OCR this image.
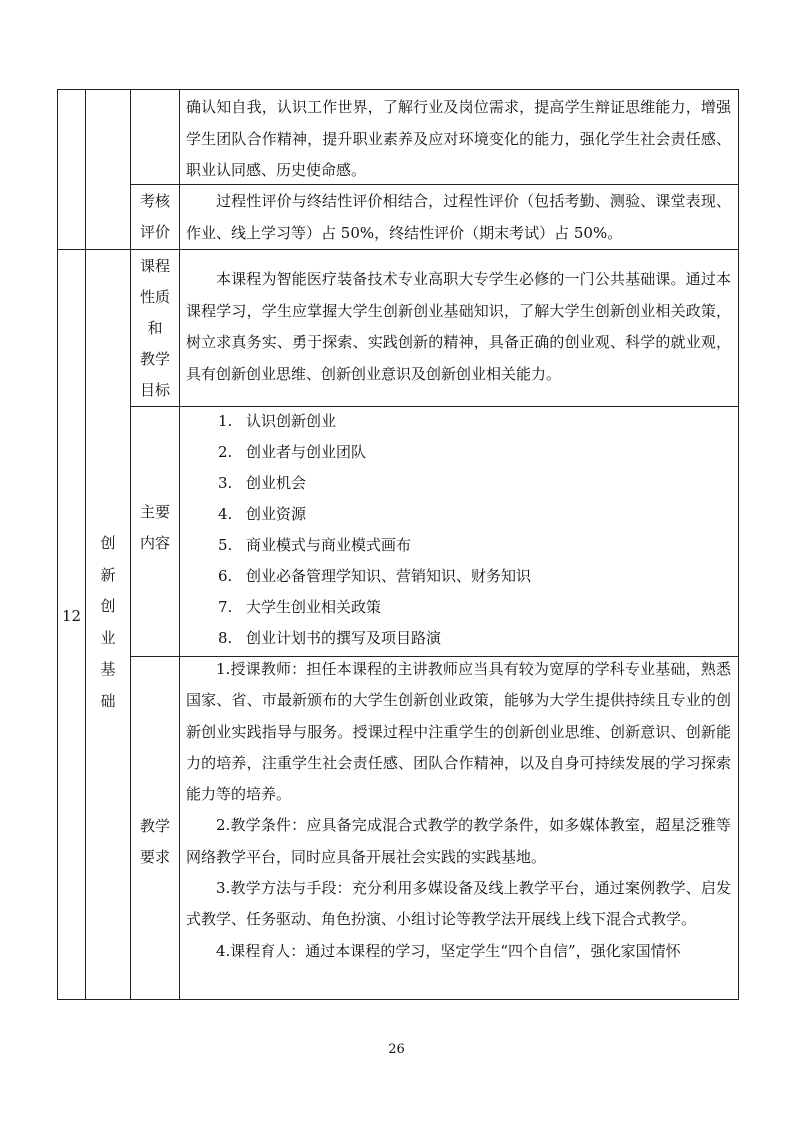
确认知自我，认识工作世界，了解行业及岗位需求，提高学生辩证思维能力，增强学生团队合作精神，提升职业素养及应对环境变化的能力，强化学生社会责任感、职业认同感、历史使命感。

考核
评价

过程性评价与终结性评价相结合，过程性评价（包括考勤、测验、课堂表现、作业、线上学习等）占 50%，终结性评价（期末考试）占 50%。

12
创
新
创
业
基
础
课程
性质
和
教学
目标

本课程为智能医疗装备技术专业高职大专学生必修的一门公共基础课。通过本课程学习，学生应掌握大学生创新创业基础知识，了解大学生创新创业相关政策，树立求真务实、勇于探索、实践创新的精神，具备正确的创业观、科学的就业观，具有创新创业思维、创新创业意识及创新创业相关能力。

主要
内容
1. 认识创新创业
2. 创业者与创业团队
3. 创业机会
4. 创业资源
5. 商业模式与商业模式画布
6. 创业必备管理学知识、营销知识、财务知识
7. 大学生创业相关政策
8. 创业计划书的撰写及项目路演
教学
要求

1.授课教师：担任本课程的主讲教师应当具有较为宽厚的学科专业基础，熟悉国家、省、市最新颁布的大学生创新创业政策，能够为大学生提供持续且专业的创新创业实践指导与服务。授课过程中注重学生的创新创业思维、创新意识、创新能力的培养，注重学生社会责任感、团队合作精神，以及自身可持续发展的学习探索能力等的培养。

2.教学条件：应具备完成混合式教学的教学条件，如多媒体教室，超星泛雅等网络教学平台，同时应具备开展社会实践的实践基地。

3.教学方法与手段：充分利用多媒设备及线上教学平台，通过案例教学、启发式教学、任务驱动、角色扮演、小组讨论等教学法开展线上线下混合式教学。

4.课程育人：通过本课程的学习，坚定学生“四个自信”，强化家国情怀

26
